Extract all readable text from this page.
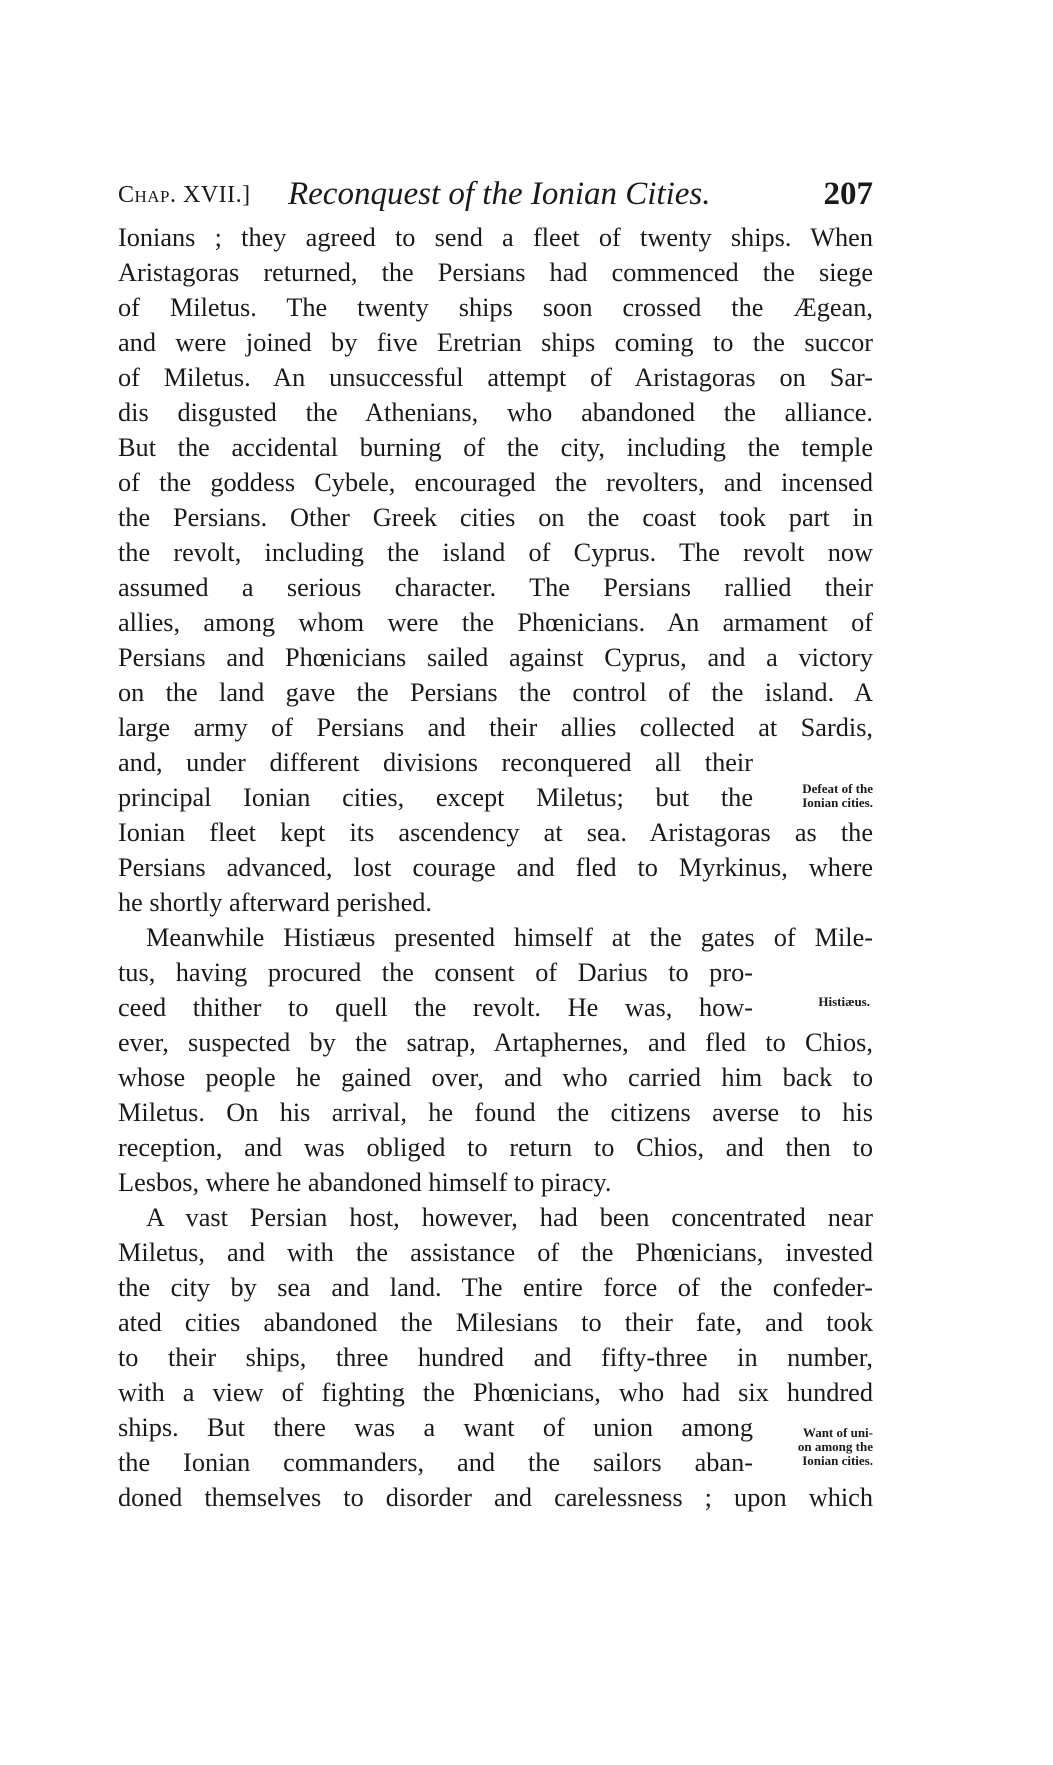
Chap. XVII.] Reconquest of the Ionian Cities.	207
Ionians ; they agreed to send a fleet of twenty ships. When
Aristagoras returned, the Persians had commenced the siege
of Miletus. The twenty ships soon crossed the Ægean,
and were joined by five Eretrian ships coming to the succor
of Miletus. An unsuccessful attempt of Aristagoras on Sar-
dis disgusted the Athenians, who abandoned the alliance.
But the accidental burning of the city, including the temple
of the goddess Cybele, encouraged the revolters, and incensed
the Persians. Other Greek cities on the coast took part in
the revolt, including the island of Cyprus. The revolt now
assumed a serious character. The Persians rallied their
allies, among whom were the Phœnicians. An armament of
Persians and Phœnicians sailed against Cyprus, and a victory
on the land gave the Persians the control of the island. A
large army of Persians and their allies collected at Sardis,
and, under different divisions reconquered all their
principal Ionian cities, except Miletus; but the
Ionian fleet kept its ascendency at sea. Aristagoras as the
Persians advanced, lost courage and fled to Myrkinus, where
he shortly afterward perished.
Meanwhile Histiæus presented himself at the gates of Mile-
tus, having procured the consent of Darius to pro-
ceed thither to quell the revolt. He was, how-
ever, suspected by the satrap, Artaphernes, and fled to Chios,
whose people he gained over, and who carried him back to
Miletus. On his arrival, he found the citizens averse to his
reception, and was obliged to return to Chios, and then to
Lesbos, where he abandoned himself to piracy.
A vast Persian host, however, had been concentrated near
Miletus, and with the assistance of the Phœnicians, invested
the city by sea and land. The entire force of the confeder-
ated cities abandoned the Milesians to their fate, and took
to their ships, three hundred and fifty-three in number,
with a view of fighting the Phœnicians, who had six hundred
ships. But there was a want of union among
the Ionian commanders, and the sailors aban-
doned themselves to disorder and carelessness ; upon which
Defeat of the
Ionian cities.
Histiæus.
Want of uni-
on among the
Ionian cities.
